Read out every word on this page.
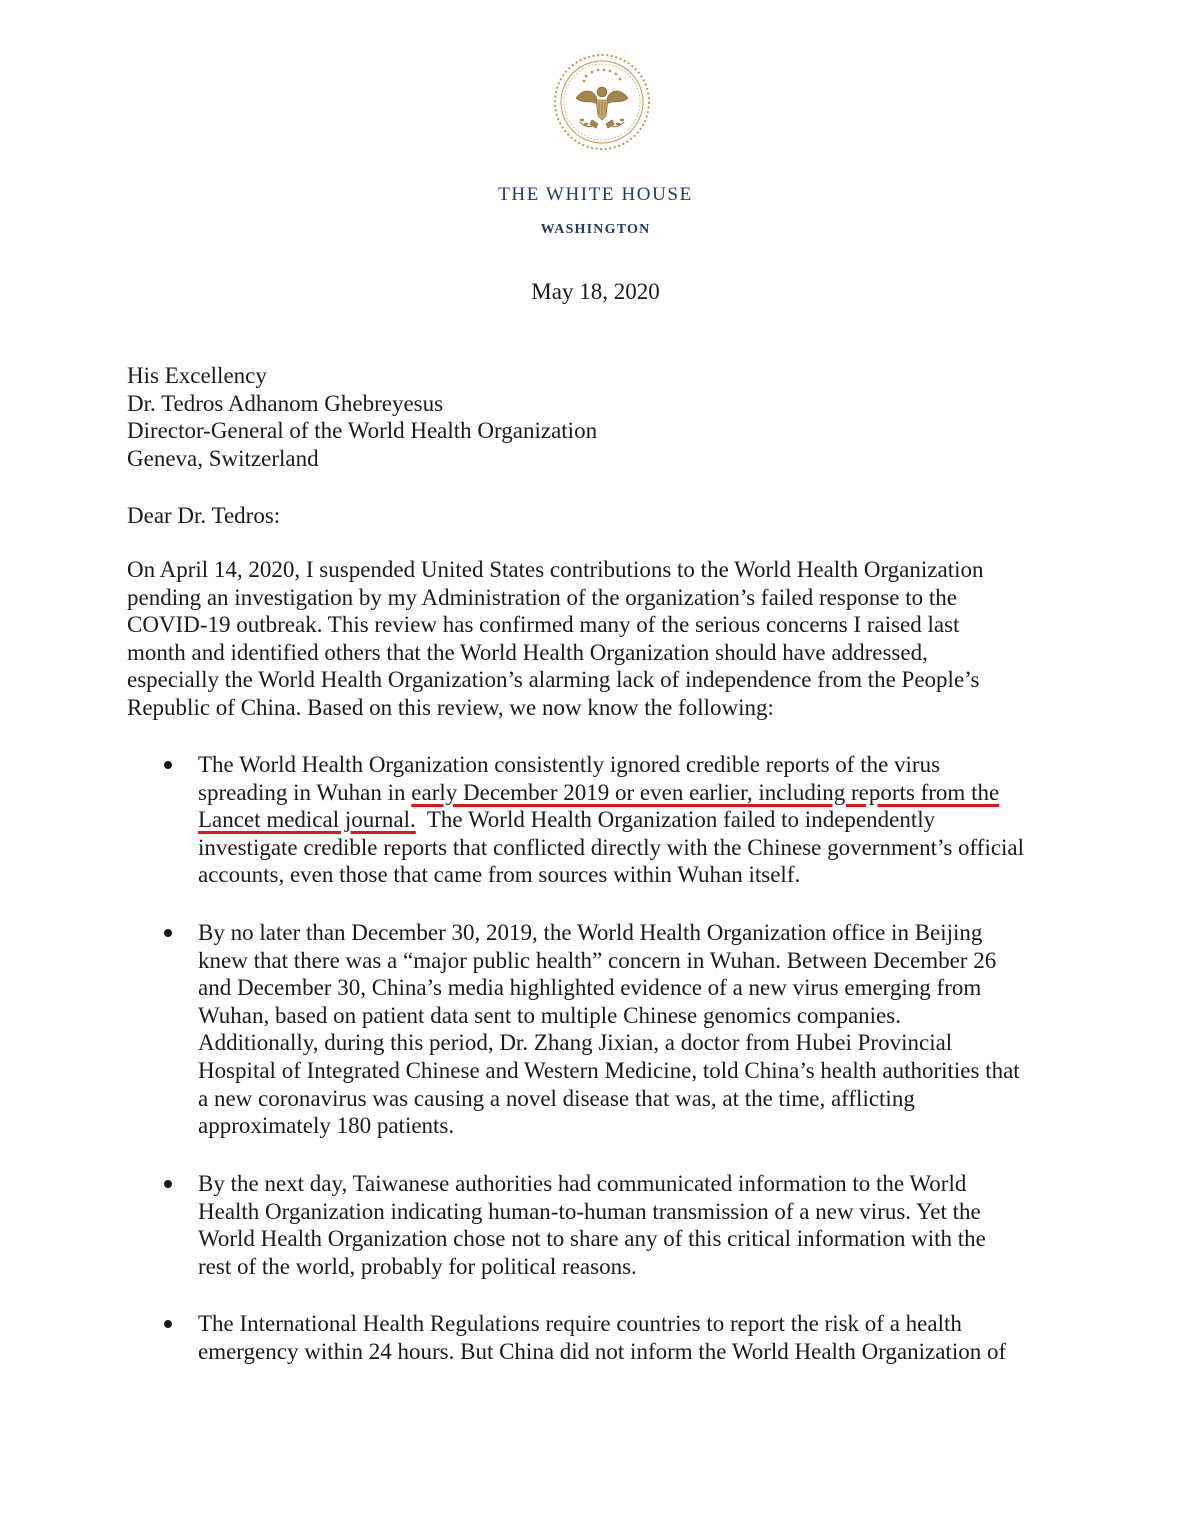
THE WHITE HOUSE
WASHINGTON
May 18, 2020
His Excellency
Dr. Tedros Adhanom Ghebreyesus
Director-General of the World Health Organization
Geneva, Switzerland
Dear Dr. Tedros:
On April 14, 2020, I suspended United States contributions to the World Health Organization
pending an investigation by my Administration of the organization’s failed response to the
COVID-19 outbreak. This review has confirmed many of the serious concerns I raised last
month and identified others that the World Health Organization should have addressed,
especially the World Health Organization’s alarming lack of independence from the People’s
Republic of China. Based on this review, we now know the following:
The World Health Organization consistently ignored credible reports of the virus
spreading in Wuhan in early December 2019 or even earlier, including reports from the
Lancet medical journal.  The World Health Organization failed to independently
investigate credible reports that conflicted directly with the Chinese government’s official
accounts, even those that came from sources within Wuhan itself.
By no later than December 30, 2019, the World Health Organization office in Beijing
knew that there was a “major public health” concern in Wuhan. Between December 26
and December 30, China’s media highlighted evidence of a new virus emerging from
Wuhan, based on patient data sent to multiple Chinese genomics companies.
Additionally, during this period, Dr. Zhang Jixian, a doctor from Hubei Provincial
Hospital of Integrated Chinese and Western Medicine, told China’s health authorities that
a new coronavirus was causing a novel disease that was, at the time, afflicting
approximately 180 patients.
By the next day, Taiwanese authorities had communicated information to the World
Health Organization indicating human-to-human transmission of a new virus. Yet the
World Health Organization chose not to share any of this critical information with the
rest of the world, probably for political reasons.
The International Health Regulations require countries to report the risk of a health
emergency within 24 hours. But China did not inform the World Health Organization of
